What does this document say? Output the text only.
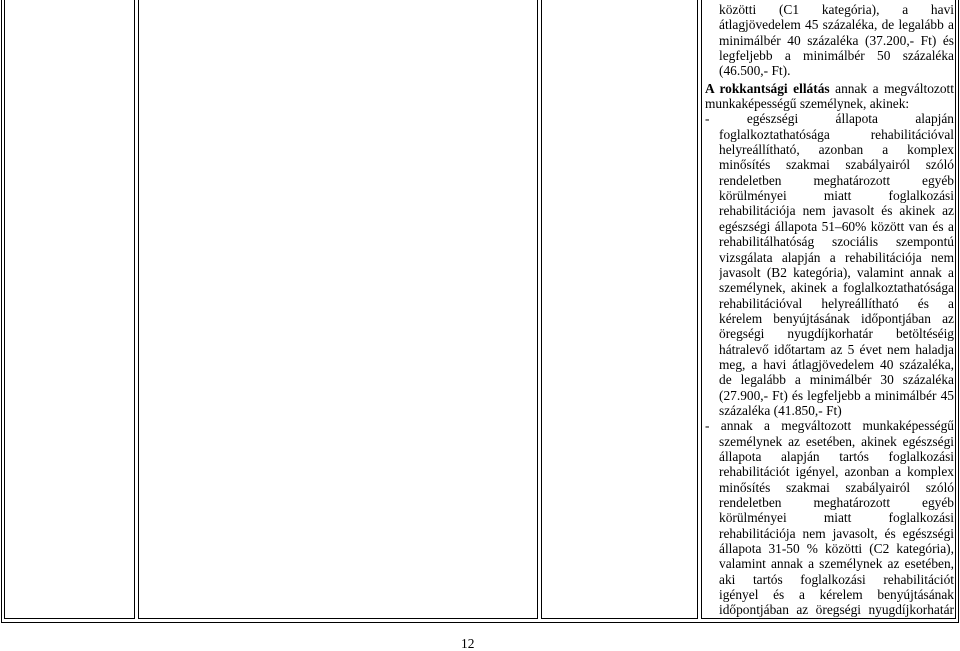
közötti (C1 kategória), a havi
átlagjövedelem 45 százaléka, de legalább a
minimálbér 40 százaléka (37.200,- Ft) és
legfeljebb a minimálbér 50 százaléka
(46.500,- Ft).
A rokkantsági ellátás annak a megváltozott
munkaképességű személynek, akinek:
- egészségi állapota alapján
foglalkoztathatósága rehabilitációval
helyreállítható, azonban a komplex
minősítés szakmai szabályairól szóló
rendeletben meghatározott egyéb
körülményei miatt foglalkozási
rehabilitációja nem javasolt és akinek az
egészségi állapota 51–60% között van és a
rehabilitálhatóság szociális szempontú
vizsgálata alapján a rehabilitációja nem
javasolt (B2 kategória), valamint annak a
személynek, akinek a foglalkoztathatósága
rehabilitációval helyreállítható és a
kérelem benyújtásának időpontjában az
öregségi nyugdíjkorhatár betöltéséig
hátralevő időtartam az 5 évet nem haladja
meg, a havi átlagjövedelem 40 százaléka,
de legalább a minimálbér 30 százaléka
(27.900,- Ft) és legfeljebb a minimálbér 45
százaléka (41.850,- Ft)
- annak a megváltozott munkaképességű
személynek az esetében, akinek egészségi
állapota alapján tartós foglalkozási
rehabilitációt igényel, azonban a komplex
minősítés szakmai szabályairól szóló
rendeletben meghatározott egyéb
körülményei miatt foglalkozási
rehabilitációja nem javasolt, és egészségi
állapota 31-50 % közötti (C2 kategória),
valamint annak a személynek az esetében,
aki tartós foglalkozási rehabilitációt
igényel és a kérelem benyújtásának
időpontjában az öregségi nyugdíjkorhatár
12
